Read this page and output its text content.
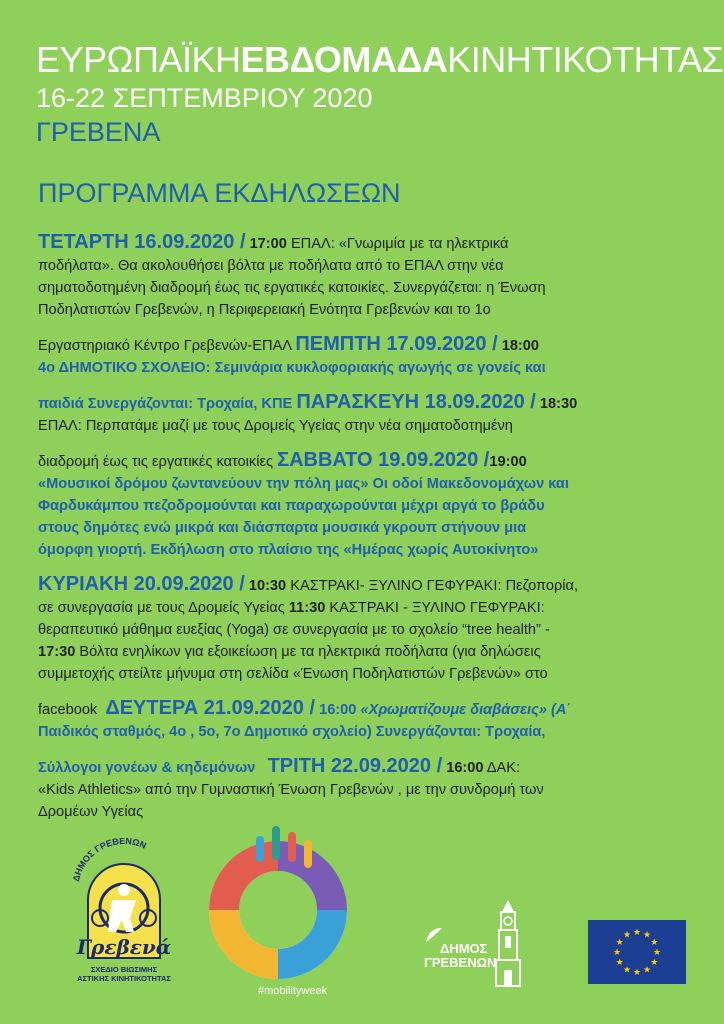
ΕΥΡΩΠΑΪΚΗΕΒΔΟΜΑΔΑΚΙΝΗΤΙΚΟΤΗΤΑΣ
16-22 ΣΕΠΤΕΜΒΡΙΟΥ 2020
ΓΡΕΒΕΝΑ
ΠΡΟΓΡΑΜΜΑ ΕΚΔΗΛΩΣΕΩΝ
ΤΕΤΑΡΤΗ 16.09.2020 / 17:00 ΕΠΑΛ: «Γνωριμία με τα ηλεκτρικά
ποδήλατα». Θα ακολουθήσει βόλτα με ποδήλατα από το ΕΠΑΛ στην νέα
σηματοδοτημένη διαδρομή έως τις εργατικές κατοικίες. Συνεργάζεται: η Ένωση
Ποδηλατιστών Γρεβενών, η Περιφερειακή Ενότητα Γρεβενών και το 1ο
Εργαστηριακό Κέντρο Γρεβενών-ΕΠΑΛ ΠΕΜΠΤΗ 17.09.2020 / 18:00
4ο ΔΗΜΟΤΙΚΟ ΣΧΟΛΕΙΟ: Σεμινάρια κυκλοφοριακής αγωγής σε γονείς και
παιδιά Συνεργάζονται: Τροχαία, ΚΠΕ ΠΑΡΑΣΚΕΥΗ 18.09.2020 / 18:30
ΕΠΑΛ: Περπατάμε μαζί με τους Δρομείς Υγείας στην νέα σηματοδοτημένη
διαδρομή έως τις εργατικές κατοικίες ΣΑΒΒΑΤΟ 19.09.2020 /19:00
«Μουσικοί δρόμου ζωντανεύουν την πόλη μας» Οι οδοί Μακεδονομάχων και
Φαρδυκάμπου πεζοδρομούνται και παραχωρούνται μέχρι αργά το βράδυ
στους δημότες ενώ μικρά και διάσπαρτα μουσικά γκρουπ στήνουν μια
όμορφη γιορτή. Εκδήλωση στο πλαίσιο της «Ημέρας χωρίς Αυτοκίνητο»
ΚΥΡΙΑΚΗ 20.09.2020 / 10:30 ΚΑΣΤΡΑΚΙ- ΞΥΛΙΝΟ ΓΕΦΥΡΑΚΙ: Πεζοπορία,
σε συνεργασία με τους Δρομείς Υγείας 11:30 ΚΑΣΤΡΑΚΙ - ΞΥΛΙΝΟ ΓΕΦΥΡΑΚΙ:
θεραπευτικό μάθημα ευεξίας (Yoga) σε συνεργασία με το σχολείο “tree health” -
17:30 Βόλτα ενηλίκων για εξοικείωση με τα ηλεκτρικά ποδήλατα (για δηλώσεις
συμμετοχής στείλτε μήνυμα στη σελίδα «Ένωση Ποδηλατιστών Γρεβενών» στο
facebook ΔΕΥΤΕΡΑ 21.09.2020 / 16:00 «Χρωματίζουμε διαβάσεις» (Α΄
Παιδικός σταθμός, 4ο , 5ο, 7ο Δημοτικό σχολείο) Συνεργάζονται: Τροχαία,
Σύλλογοι γονέων & κηδεμόνων ΤΡΙΤΗ 22.09.2020 / 16:00 ΔΑΚ:
«Kids Athletics» από την Γυμναστική Ένωση Γρεβενών , με την συνδρομή των
Δρομέων Υγείας
ΔΗΜΟΣ ΓΡΕΒΕΝΩΝ
Γρεβενά
ΣΧΕΔΙΟ ΒΙΩΣΙΜΗΣ
ΑΣΤΙΚΗΣ ΚΙΝΗΤΙΚΟΤΗΤΑΣ
#mobilityweek
ΔΗΜΟΣ
ΓΡΕΒΕΝΩΝ
★ ★
★
★
★
★
★
★
★
★
★
★
